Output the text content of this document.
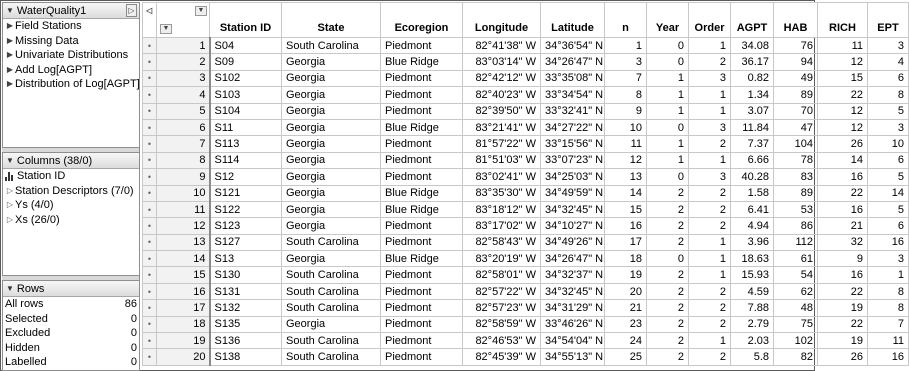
▼ WaterQuality1	▷
▶ Field Stations
▶ Missing Data
▶ Univariate Distributions
▶ Add Log[AGPT]
▶ Distribution of Log[AGPT]
▼ Columns (38/0)
Station ID
▷ Station Descriptors (7/0)
▷ Ys (4/0)
▷ Xs (26/0)
▼ Rows
All rows	86
Selected	0
Excluded	0
Hidden	0
Labelled	0
◁	▼
▼	Station ID	State	Ecoregion	Longitude	Latitude	n	Year	Order	AGPT	HAB	RICH	EPT
•	1	S04	South Carolina	Piedmont	82°41'38" W	34°36'54" N	1	0	1	34.08	76	11	3
•	2	S09	Georgia	Blue Ridge	83°03'14" W	34°26'47" N	3	0	2	36.17	94	12	4
•	3	S102	Georgia	Piedmont	82°42'12" W	33°35'08" N	7	1	3	0.82	49	15	6
•	4	S103	Georgia	Piedmont	82°40'23" W	33°34'54" N	8	1	1	1.34	89	22	8
•	5	S104	Georgia	Piedmont	82°39'50" W	33°32'41" N	9	1	1	3.07	70	12	5
•	6	S11	Georgia	Blue Ridge	83°21'41" W	34°27'22" N	10	0	3	11.84	47	12	3
•	7	S113	Georgia	Piedmont	81°57'22" W	33°15'56" N	11	1	2	7.37	104	26	10
•	8	S114	Georgia	Piedmont	81°51'03" W	33°07'23" N	12	1	1	6.66	78	14	6
•	9	S12	Georgia	Piedmont	83°02'41" W	34°25'03" N	13	0	3	40.28	83	16	5
•	10	S121	Georgia	Blue Ridge	83°35'30" W	34°49'59" N	14	2	2	1.58	89	22	14
•	11	S122	Georgia	Blue Ridge	83°18'12" W	34°32'45" N	15	2	2	6.41	53	16	5
•	12	S123	Georgia	Piedmont	83°17'02" W	34°10'27" N	16	2	2	4.94	86	21	6
•	13	S127	South Carolina	Piedmont	82°58'43" W	34°49'26" N	17	2	1	3.96	112	32	16
•	14	S13	Georgia	Blue Ridge	83°20'19" W	34°26'47" N	18	0	1	18.63	61	9	3
•	15	S130	South Carolina	Piedmont	82°58'01" W	34°32'37" N	19	2	1	15.93	54	16	1
•	16	S131	South Carolina	Piedmont	82°57'22" W	34°32'45" N	20	2	2	4.59	62	22	8
•	17	S132	South Carolina	Piedmont	82°57'23" W	34°31'29" N	21	2	2	7.88	48	19	8
•	18	S135	Georgia	Piedmont	82°58'59" W	33°46'26" N	23	2	2	2.79	75	22	7
•	19	S136	South Carolina	Piedmont	82°46'53" W	34°54'04" N	24	2	1	2.03	102	19	11
•	20	S138	South Carolina	Piedmont	82°45'39" W	34°55'13" N	25	2	2	5.8	82	26	16
